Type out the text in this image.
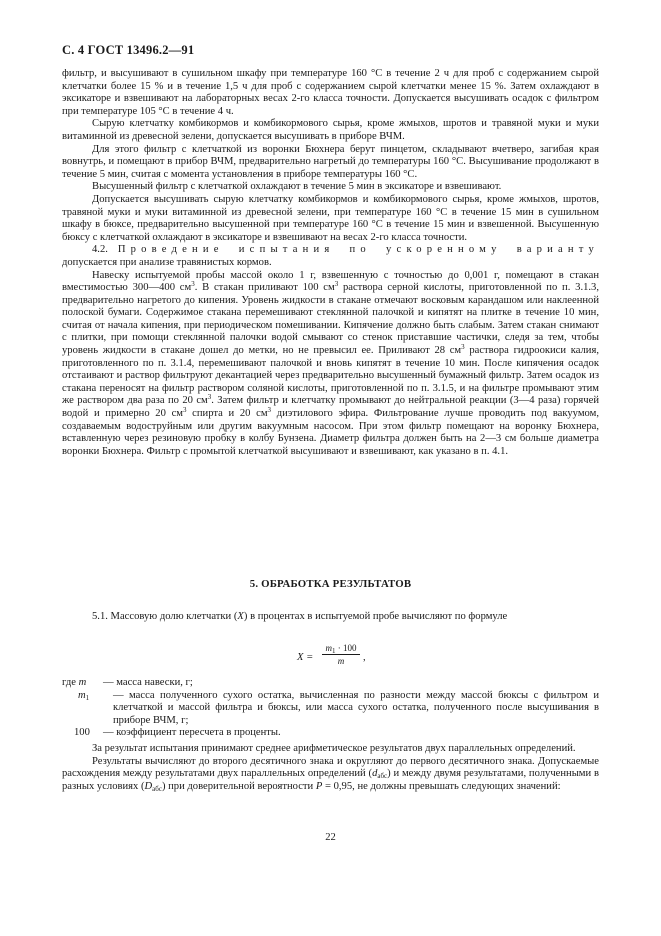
С. 4 ГОСТ 13496.2—91

фильтр, и высушивают в сушильном шкафу при температуре 160 °С в течение 2 ч для проб с содержанием сырой клетчатки более 15 % и в течение 1,5 ч для проб с содержанием сырой клетчатки менее 15 %. Затем охлаждают в эксикаторе и взвешивают на лабораторных весах 2-го класса точности. Допускается высушивать осадок с фильтром при температуре 105 °С в течение 4 ч.

Сырую клетчатку комбикормов и комбикормового сырья, кроме жмыхов, шротов и травяной муки и муки витаминной из древесной зелени, допускается высушивать в приборе ВЧМ.

Для этого фильтр с клетчаткой из воронки Бюхнера берут пинцетом, складывают вчетверо, загибая края вовнутрь, и помещают в прибор ВЧМ, предварительно нагретый до температуры 160 °С. Высушивание продолжают в течение 5 мин, считая с момента установления в приборе температуры 160 °С.

Высушенный фильтр с клетчаткой охлаждают в течение 5 мин в эксикаторе и взвешивают.

Допускается высушивать сырую клетчатку комбикормов и комбикормового сырья, кроме жмыхов, шротов, травяной муки и муки витаминной из древесной зелени, при температуре 160 °С в течение 15 мин в сушильном шкафу в бюксе, предварительно высушенной при температуре 160 °С в течение 15 мин и взвешенной. Высушенную бюксу с клетчаткой охлаждают в эксикаторе и взвешивают на весах 2-го класса точности.

4.2. Проведение испытания по ускоренному варианту допускается при анализе травянистых кормов.

Навеску испытуемой пробы массой около 1 г, взвешенную с точностью до 0,001 г, помещают в стакан вместимостью 300—400 $см^3$. В стакан приливают 100 $см^3$ раствора серной кислоты, приготовленной по п. 3.1.3, предварительно нагретого до кипения. Уровень жидкости в стакане отмечают восковым карандашом или наклеенной полоской бумаги. Содержимое стакана перемешивают стеклянной палочкой и кипятят на плитке в течение 10 мин, считая от начала кипения, при периодическом помешивании. Кипячение должно быть слабым. Затем стакан снимают с плитки, при помощи стеклянной палочки водой смывают со стенок приставшие частички, следя за тем, чтобы уровень жидкости в стакане дошел до метки, но не превысил ее. Приливают 28 $см^3$ раствора гидроокиси калия, приготовленного по п. 3.1.4, перемешивают палочкой и вновь кипятят в течение 10 мин. После кипячения осадок отстаивают и раствор фильтруют декантацией через предварительно высушенный бумажный фильтр. Затем осадок из стакана переносят на фильтр раствором соляной кислоты, приготовленной по п. 3.1.5, и на фильтре промывают этим же раствором два раза по 20 $см^3$. Затем фильтр и клетчатку промывают до нейтральной реакции (3—4 раза) горячей водой и примерно 20 $см^3$ спирта и 20 $см^3$ диэтилового эфира. Фильтрование лучше проводить под вакуумом, создаваемым водоструйным или другим вакуумным насосом. При этом фильтр помещают на воронку Бюхнера, вставленную через резиновую пробку в колбу Бунзена. Диаметр фильтра должен быть на 2—3 см больше диаметра воронки Бюхнера. Фильтр с промытой клетчаткой высушивают и взвешивают, как указано в п. 4.1.

5. ОБРАБОТКА РЕЗУЛЬТАТОВ
5.1. Массовую долю клетчатки (X) в процентах в испытуемой пробе вычисляют по формуле
X =
$m_1 \cdot 100$
m	,

где m — масса навески, г;

$m_1$ — масса полученного сухого остатка, вычисленная по разности между массой бюксы с фильтром и клетчаткой и массой фильтра и бюксы, или масса сухого остатка, полученного после высушивания в приборе ВЧМ, г;

100 — коэффициент пересчета в проценты.

За результат испытания принимают среднее арифметическое результатов двух параллельных определений.

Результаты вычисляют до второго десятичного знака и округляют до первого десятичного знака. Допускаемые расхождения между результатами двух параллельных определений $(d_{абс})$ и между двумя результатами, полученными в разных условиях $(D_{абс})$ при доверительной вероятности P = 0,95, не должны превышать следующих значений:

22
